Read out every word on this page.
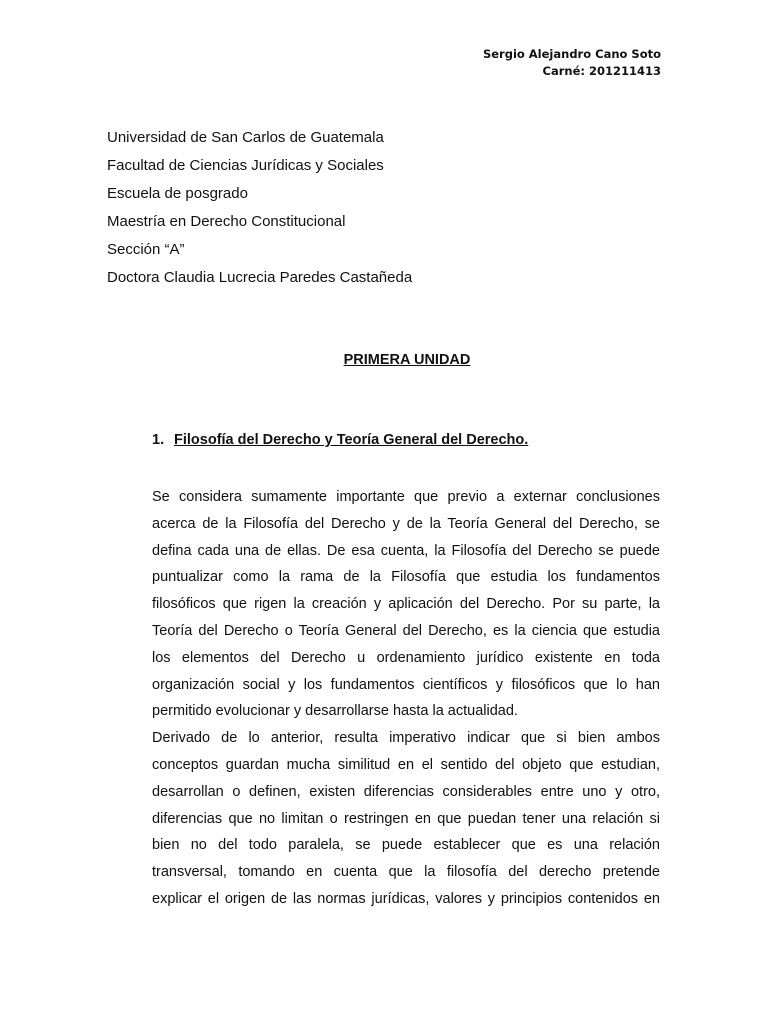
Sergio Alejandro Cano Soto
Carné: 201211413
Universidad de San Carlos de Guatemala
Facultad de Ciencias Jurídicas y Sociales
Escuela de posgrado
Maestría en Derecho Constitucional
Sección “A”
Doctora Claudia Lucrecia Paredes Castañeda
PRIMERA UNIDAD
1. Filosofía del Derecho y Teoría General del Derecho.
Se considera sumamente importante que previo a externar conclusiones
acerca de la Filosofía del Derecho y de la Teoría General del Derecho, se
defina cada una de ellas. De esa cuenta, la Filosofía del Derecho se puede
puntualizar como la rama de la Filosofía que estudia los fundamentos
filosóficos que rigen la creación y aplicación del Derecho. Por su parte, la
Teoría del Derecho o Teoría General del Derecho, es la ciencia que estudia
los elementos del Derecho u ordenamiento jurídico existente en toda
organización social y los fundamentos científicos y filosóficos que lo han
permitido evolucionar y desarrollarse hasta la actualidad.
Derivado de lo anterior, resulta imperativo indicar que si bien ambos
conceptos guardan mucha similitud en el sentido del objeto que estudian,
desarrollan o definen, existen diferencias considerables entre uno y otro,
diferencias que no limitan o restringen en que puedan tener una relación si
bien no del todo paralela, se puede establecer que es una relación
transversal, tomando en cuenta que la filosofía del derecho pretende
explicar el origen de las normas jurídicas, valores y principios contenidos en
